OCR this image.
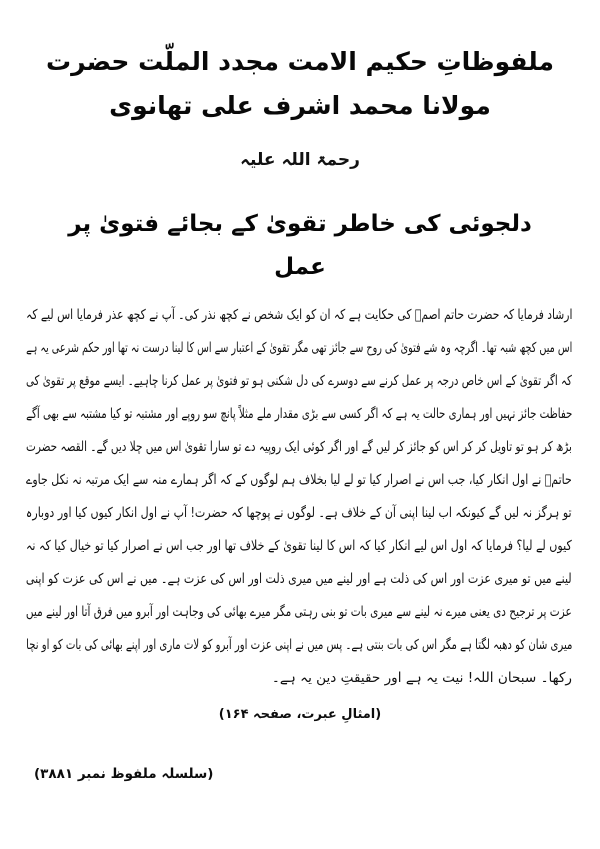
ملفوظاتِ حکیم الامت مجدد الملّت حضرت مولانا محمد اشرف علی تھانوی
رحمۃ اللہ علیہ
دلجوئی کی خاطر تقویٰ کے بجائے فتویٰ پر عمل
ارشاد فرمایا کہ حضرت حاتم اصمؒ کی حکایت ہے کہ ان کو ایک شخص نے کچھ نذر کی۔ آپ نے کچھ عذر فرمایا اس لیے کہ
اس میں کچھ شبہ تھا۔ اگرچہ وہ شے فتویٰ کی روح سے جائز تھی مگر تقویٰ کے اعتبار سے اس کا لینا درست نہ تھا اور حکم شرعی یہ ہے
کہ اگر تقویٰ کے اس خاص درجہ پر عمل کرنے سے دوسرے کی دل شکنی ہو تو فتویٰ پر عمل کرنا چاہیے۔ ایسے موقع پر تقویٰ کی
حفاظت جائز نہیں اور ہماری حالت یہ ہے کہ اگر کسی سے بڑی مقدار ملے مثلاً پانچ سو روپے اور مشتبہ تو کیا مشتبہ سے بھی آگے
بڑھ کر ہو تو تاویل کر کر اس کو جائز کر لیں گے اور اگر کوئی ایک روپیہ دے تو سارا تقویٰ اس میں چلا دیں گے۔ القصہ حضرت
حاتمؒ نے اول انکار کیا، جب اس نے اصرار کیا تو لے لیا بخلاف ہم لوگوں کے کہ اگر ہمارے منہ سے ایک مرتبہ نہ نکل جاوے
تو ہرگز نہ لیں گے کیونکہ اب لینا اپنی آن کے خلاف ہے۔ لوگوں نے پوچھا کہ حضرت! آپ نے اول انکار کیوں کیا اور دوبارہ
کیوں لے لیا؟ فرمایا کہ اول اس لیے انکار کیا کہ اس کا لینا تقویٰ کے خلاف تھا اور جب اس نے اصرار کیا تو خیال کیا کہ نہ
لینے میں تو میری عزت اور اس کی ذلت ہے اور لینے میں میری ذلت اور اس کی عزت ہے۔ میں نے اس کی عزت کو اپنی
عزت پر ترجیح دی یعنی میرے نہ لینے سے میری بات تو بنی رہتی مگر میرے بھائی کی وجاہت اور آبرو میں فرق آتا اور لینے میں
میری شان کو دھبہ لگتا ہے مگر اس کی بات بنتی ہے۔ پس میں نے اپنی عزت اور آبرو کو لات ماری اور اپنے بھائی کی بات کو او نچا
رکھا۔ سبحان اللہ! نیت یہ ہے اور حقیقتِ دین یہ ہے۔
(امثالِ عبرت، صفحہ ۱۶۴)
(سلسلہ ملفوظ نمبر ۳۸۸۱)
